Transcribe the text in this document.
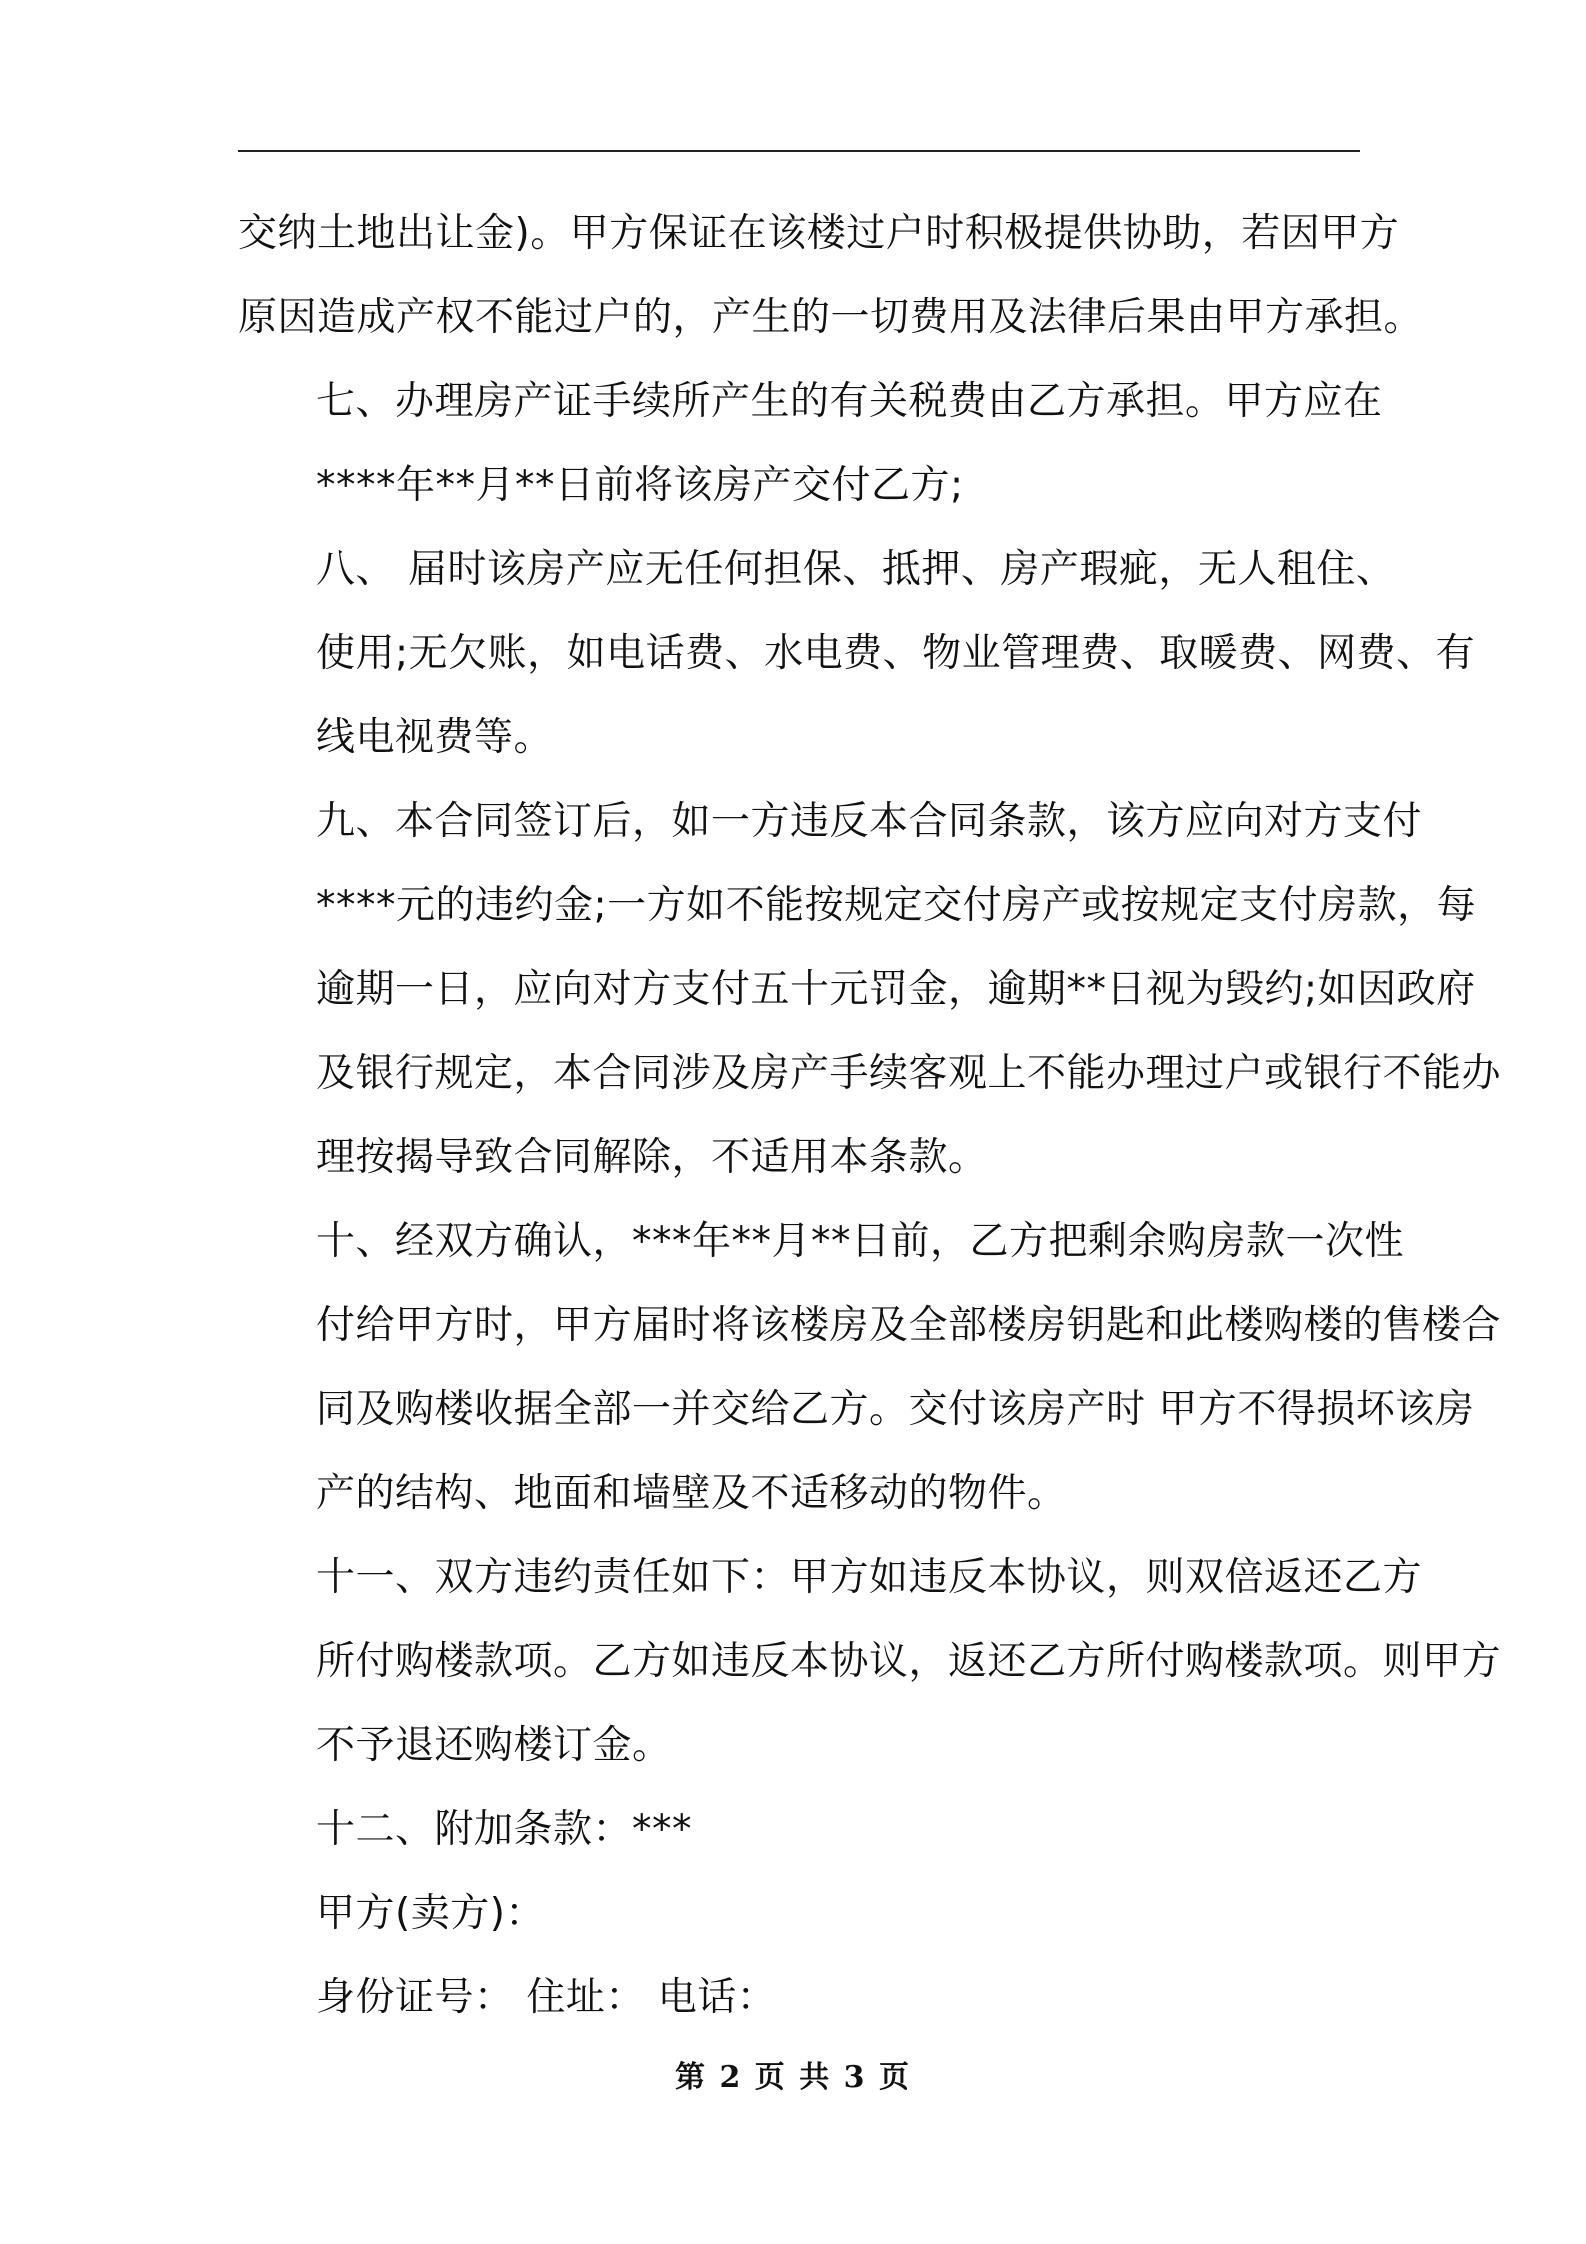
交纳土地出让金)。甲方保证在该楼过户时积极提供协助，若因甲方
原因造成产权不能过户的，产生的一切费用及法律后果由甲方承担。

七、办理房产证手续所产生的有关税费由乙方承担。甲方应在
****年**月**日前将该房产交付乙方;

八、 届时该房产应无任何担保、抵押、房产瑕疵，无人租住、
使用;无欠账，如电话费、水电费、物业管理费、取暖费、网费、有
线电视费等。

九、本合同签订后，如一方违反本合同条款，该方应向对方支付
****元的违约金;一方如不能按规定交付房产或按规定支付房款，每
逾期一日，应向对方支付五十元罚金，逾期**日视为毁约;如因政府
及银行规定，本合同涉及房产手续客观上不能办理过户或银行不能办
理按揭导致合同解除，不适用本条款。

十、经双方确认，***年**月**日前，乙方把剩余购房款一次性
付给甲方时，甲方届时将该楼房及全部楼房钥匙和此楼购楼的售楼合
同及购楼收据全部一并交给乙方。交付该房产时 甲方不得损坏该房
产的结构、地面和墙壁及不适移动的物件。

十一、双方违约责任如下：甲方如违反本协议，则双倍返还乙方
所付购楼款项。乙方如违反本协议，返还乙方所付购楼款项。则甲方
不予退还购楼订金。

十二、附加条款：***

甲方(卖方)：

身份证号： 住址： 电话：

第 2 页 共 3 页
